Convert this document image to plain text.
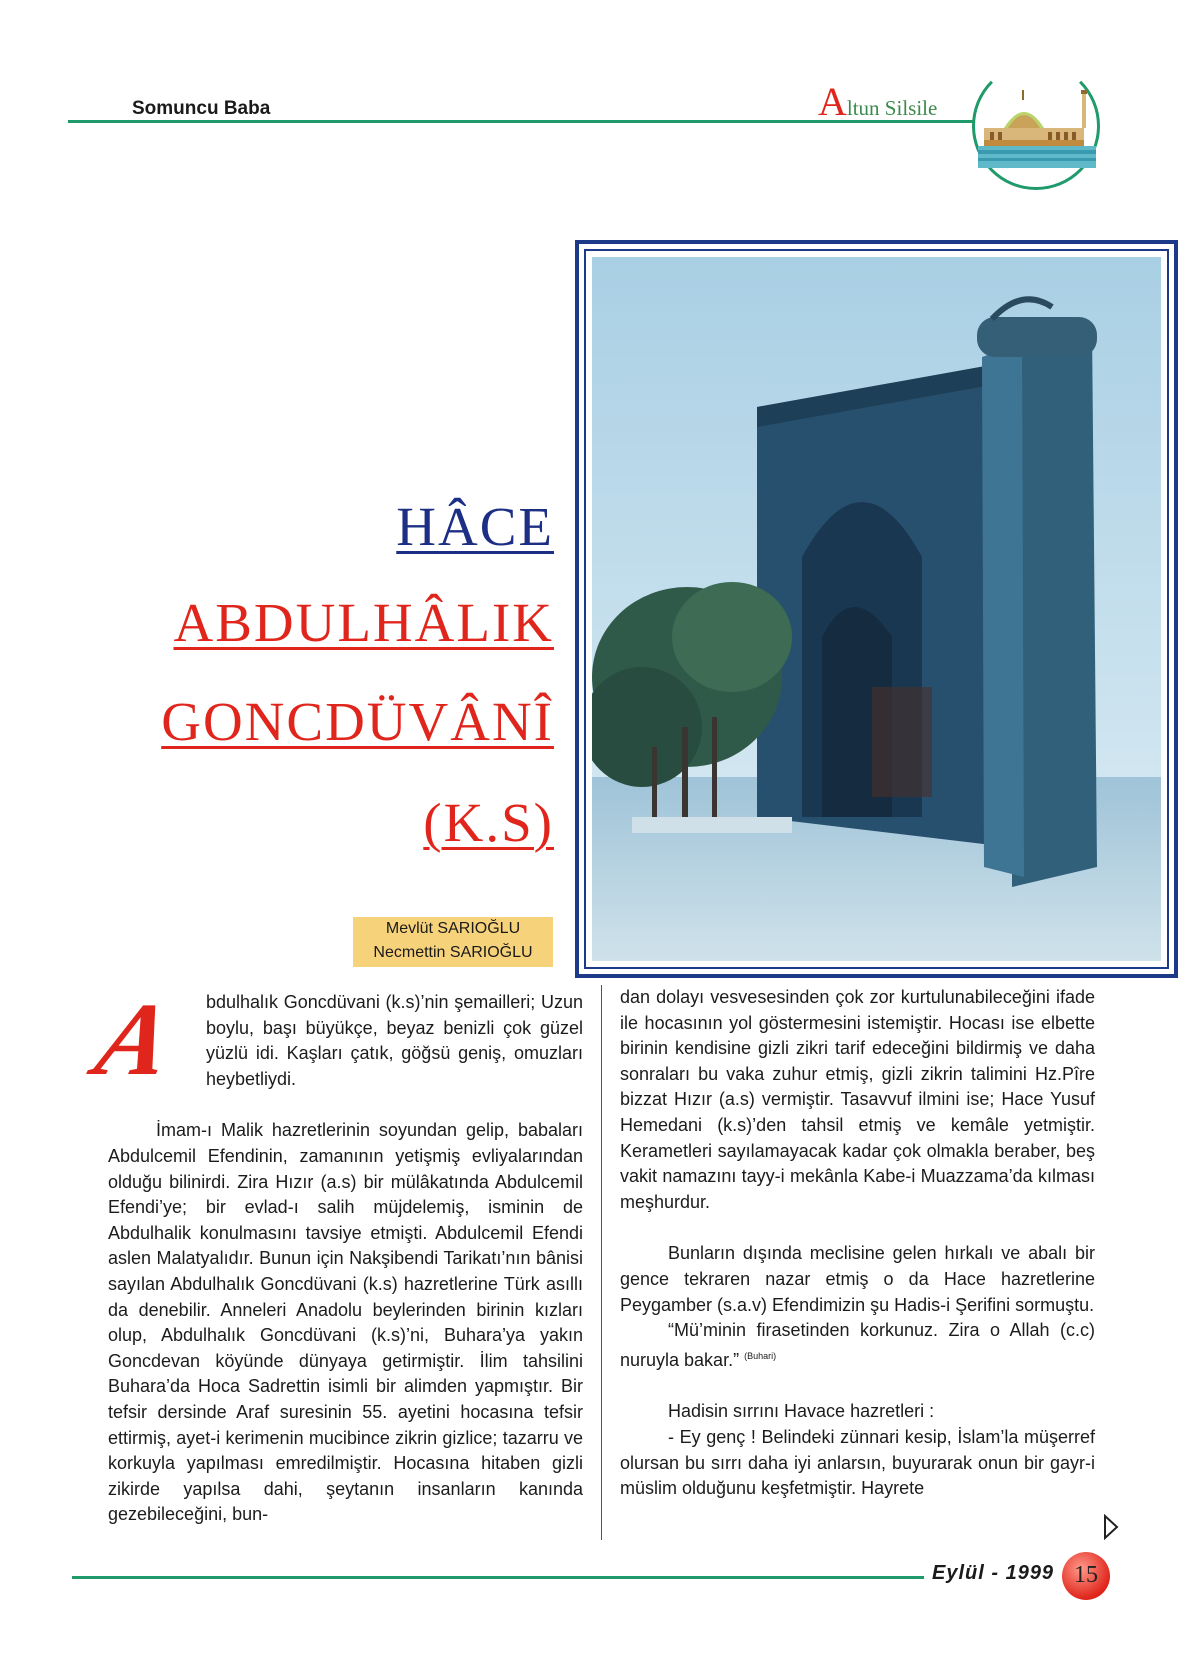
Somuncu Baba	Altun Silsile
HÂCE
ABDULHÂLIK
GONCDÜVÂNÎ
(K.S)
Mevlüt SARIOĞLU
Necmettin SARIOĞLU
A bdulhalık Goncdüvani (k.s)’nin şemailleri; Uzun boylu, başı büyükçe, beyaz benizli çok güzel yüzlü idi. Kaşları çatık, göğsü geniş, omuzları heybetliydi.

İmam-ı Malik hazretlerinin soyundan gelip, babaları Abdulcemil Efendinin, zamanının yetişmiş evliyalarından olduğu bilinirdi. Zira Hızır (a.s) bir mülâkatında Abdulcemil Efendi’ye; bir evlad-ı salih müjdelemiş, isminin de Abdulhalik konulmasını tavsiye etmişti. Abdulcemil Efendi aslen Malatyalıdır. Bunun için Nakşibendi Tarikatı’nın bânisi sayılan Abdulhalık Goncdüvani (k.s) hazretlerine Türk asıllı da denebilir. Anneleri Anadolu beylerinden birinin kızları olup, Abdulhalık Goncdüvani (k.s)’ni, Buhara’ya yakın Goncdevan köyünde dünyaya getirmiştir. İlim tahsilini Buhara’da Hoca Sadrettin isimli bir alimden yapmıştır. Bir tefsir dersinde Araf suresinin 55. ayetini hocasına tefsir ettirmiş, ayet-i kerimenin mucibince zikrin gizlice; tazarru ve korkuyla yapılması emredilmiştir. Hocasına hitaben gizli zikirde yapılsa dahi, şeytanın insanların kanında gezebileceğini, bun-

dan dolayı vesvesesinden çok zor kurtulunabileceğini ifade ile hocasının yol göstermesini istemiştir. Hocası ise elbette birinin kendisine gizli zikri tarif edeceğini bildirmiş ve daha sonraları bu vaka zuhur etmiş, gizli zikrin talimini Hz.Pîre bizzat Hızır (a.s) vermiştir. Tasavvuf ilmini ise; Hace Yusuf Hemedani (k.s)’den tahsil etmiş ve kemâle yetmiştir. Kerametleri sayılamayacak kadar çok olmakla beraber, beş vakit namazını tayy-i mekânla Kabe-i Muazzama’da kılması meşhurdur.

Bunların dışında meclisine gelen hırkalı ve abalı bir gence tekraren nazar etmiş o da Hace hazretlerine Peygamber (s.a.v) Efendimizin şu Hadis-i Şerifini sormuştu.

“Mü’minin firasetinden korkunuz. Zira o Allah (c.c) nuruyla bakar.” $^{(Buhari)}$

Hadisin sırrını Havace hazretleri :

- Ey genç ! Belindeki zünnari kesip, İslam’la müşerref olursan bu sırrı daha iyi anlarsın, buyurarak onun bir gayr-i müslim olduğunu keşfetmiştir. Hayrete

Eylül - 1999 15
